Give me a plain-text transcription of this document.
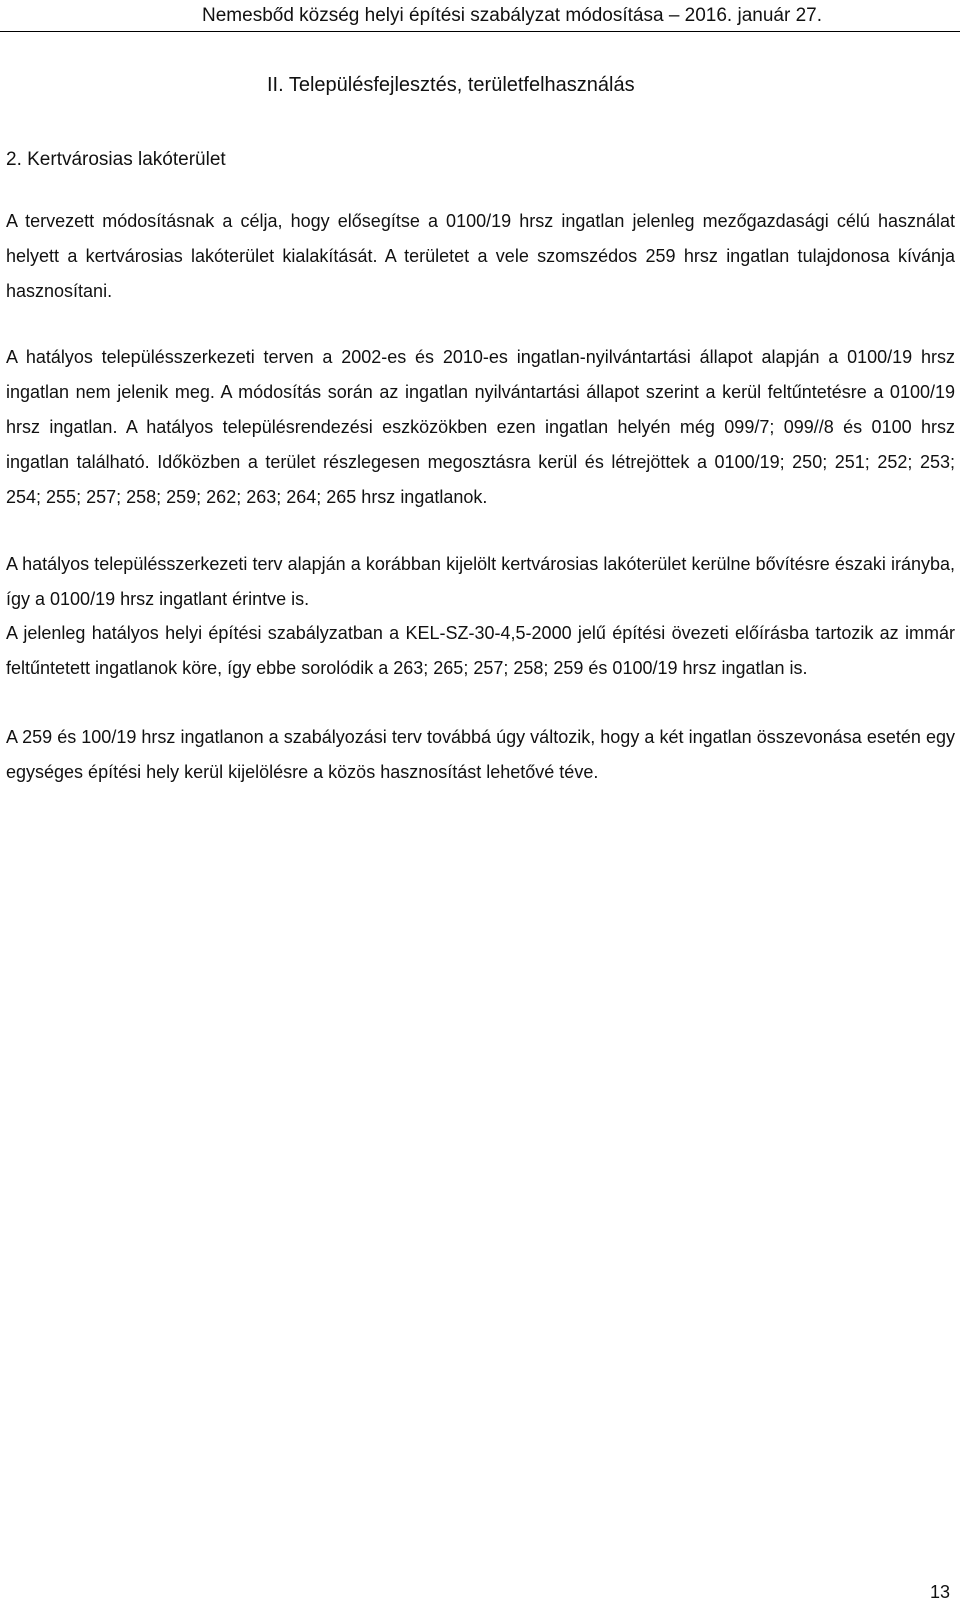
Nemesbőd község helyi építési szabályzat módosítása – 2016. január 27.
II. Településfejlesztés, területfelhasználás
2. Kertvárosias lakóterület
A tervezett módosításnak a célja, hogy elősegítse a 0100/19 hrsz ingatlan jelenleg mezőgazdasági célú használat helyett a kertvárosias lakóterület kialakítását. A területet a vele szomszédos 259 hrsz ingatlan tulajdonosa kívánja hasznosítani.
A hatályos településszerkezeti terven a 2002-es és 2010-es ingatlan-nyilvántartási állapot alapján a 0100/19 hrsz ingatlan nem jelenik meg. A módosítás során az ingatlan nyilvántartási állapot szerint a kerül feltűntetésre a 0100/19 hrsz ingatlan. A hatályos településrendezési eszközökben ezen ingatlan helyén még 099/7; 099//8 és 0100 hrsz ingatlan található. Időközben a terület részlegesen megosztásra kerül és létrejöttek a 0100/19; 250; 251; 252; 253; 254; 255; 257; 258; 259; 262; 263; 264; 265 hrsz ingatlanok.
A hatályos településszerkezeti terv alapján a korábban kijelölt kertvárosias lakóterület kerülne bővítésre északi irányba, így a 0100/19 hrsz ingatlant érintve is.
A jelenleg hatályos helyi építési szabályzatban a KEL-SZ-30-4,5-2000 jelű építési övezeti előírásba tartozik az immár feltűntetett ingatlanok köre, így ebbe sorolódik a 263; 265; 257; 258; 259 és 0100/19 hrsz ingatlan is.
A 259 és 100/19 hrsz ingatlanon a szabályozási terv továbbá úgy változik, hogy a két ingatlan összevonása esetén egy egységes építési hely kerül kijelölésre a közös hasznosítást lehetővé téve.
13
